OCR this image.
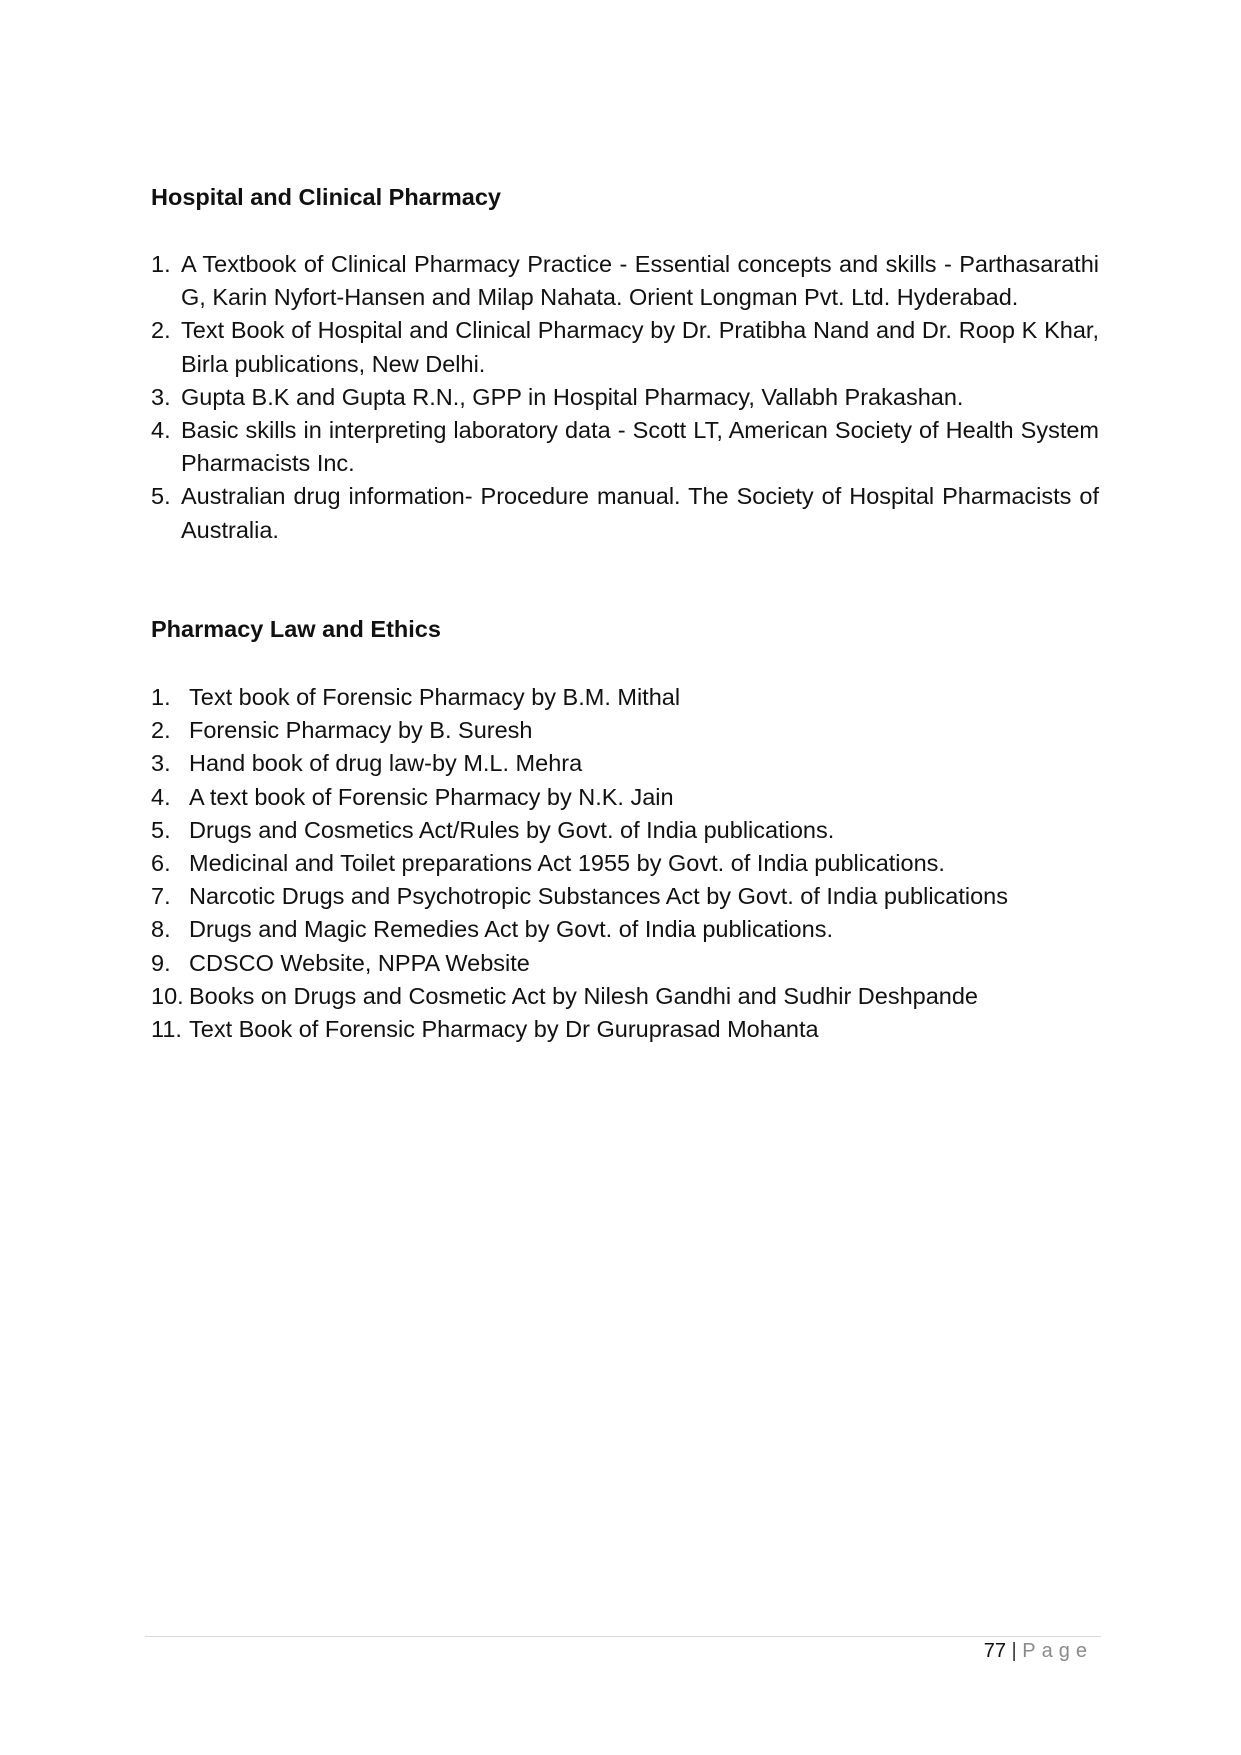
Hospital and Clinical Pharmacy
1. A Textbook of Clinical Pharmacy Practice - Essential concepts and skills - Parthasarathi G, Karin Nyfort-Hansen and Milap Nahata. Orient Longman Pvt. Ltd. Hyderabad.
2. Text Book of Hospital and Clinical Pharmacy by Dr. Pratibha Nand and Dr. Roop K Khar, Birla publications, New Delhi.
3. Gupta B.K and Gupta R.N., GPP in Hospital Pharmacy, Vallabh Prakashan.
4. Basic skills in interpreting laboratory data - Scott LT, American Society of Health System Pharmacists Inc.
5. Australian drug information- Procedure manual. The Society of Hospital Pharmacists of Australia.
Pharmacy Law and Ethics
1. Text book of Forensic Pharmacy by B.M. Mithal
2. Forensic Pharmacy by B. Suresh
3. Hand book of drug law-by M.L. Mehra
4. A text book of Forensic Pharmacy by N.K. Jain
5. Drugs and Cosmetics Act/Rules by Govt. of India publications.
6. Medicinal and Toilet preparations Act 1955 by Govt. of India publications.
7. Narcotic Drugs and Psychotropic Substances Act by Govt. of India publications
8. Drugs and Magic Remedies Act by Govt. of India publications.
9. CDSCO Website, NPPA Website
10. Books on Drugs and Cosmetic Act by Nilesh Gandhi and Sudhir Deshpande
11. Text Book of Forensic Pharmacy by Dr Guruprasad Mohanta
77 | Page
